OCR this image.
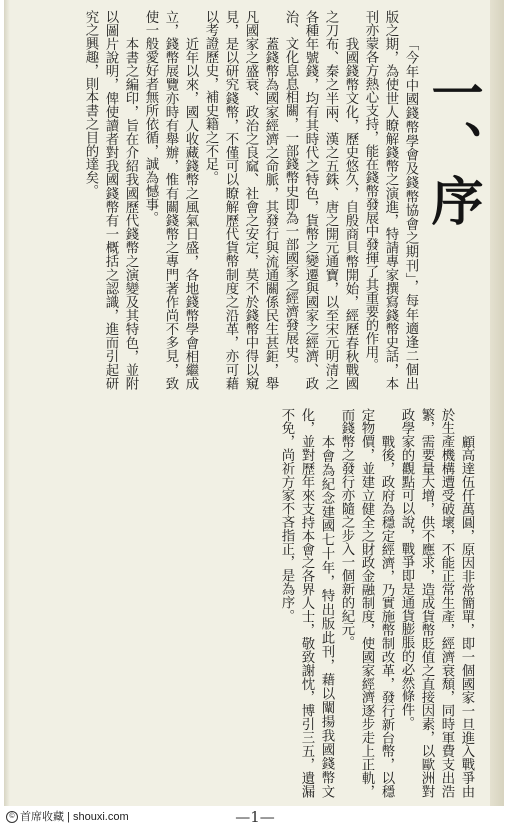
一、序

「今年中國錢幣學會及錢幣協會之期刊」，每年適逢二個出版之期，為使世人瞭解錢幣之演進，特請專家撰寫錢幣史話，本刊亦蒙各方熱心支持，能在錢幣發展中發揮了其重要的作用。

我國錢幣文化，歷史悠久，自殷商貝幣開始，經歷春秋戰國之刀布、秦之半兩、漢之五銖、唐之開元通寶，以至宋元明清之各種年號錢，均有其時代之特色，貨幣之變遷與國家之經濟、政治、文化息息相關，一部錢幣史即為一部國家之經濟發展史。

蓋錢幣為國家經濟之命脈，其發行與流通關係民生甚鉅，舉凡國家之盛衰、政治之良窳、社會之安定，莫不於錢幣中得以窺見，是以研究錢幣，不僅可以瞭解歷代貨幣制度之沿革，亦可藉以考證歷史，補史籍之不足。

近年以來，國人收藏錢幣之風氣日盛，各地錢幣學會相繼成立，錢幣展覽亦時有舉辦，惟有關錢幣之專門著作尚不多見，致使一般愛好者無所依循，誠為憾事。

本書之編印，旨在介紹我國歷代錢幣之演變及其特色，並附以圖片說明，俾使讀者對我國錢幣有一概括之認識，進而引起研究之興趣，則本書之目的達矣。

顧高達伍仟萬圓，原因非常簡單，即一個國家一旦進入戰爭由於生產機構遭受破壞，不能正常生產，經濟衰頹，同時軍費支出浩繁，需要量大增，供不應求，造成貨幣貶值之直接因素，以歐洲對政學家的觀點可以說，戰爭即是通貨膨脹的必然條件。

戰後，政府為穩定經濟，乃實施幣制改革，發行新台幣，以穩定物價，並建立健全之財政金融制度，使國家經濟逐步走上正軌，而錢幣之發行亦隨之步入一個新的紀元。

本會為紀念建國七十年，特出版此刊，藉以闡揚我國錢幣文化，並對歷年來支持本會之各界人士，敬致謝忱，博引三五，遺漏不免，尚祈方家不吝指正，是為序。

—1—
© 首席收藏 | shouxi.com
